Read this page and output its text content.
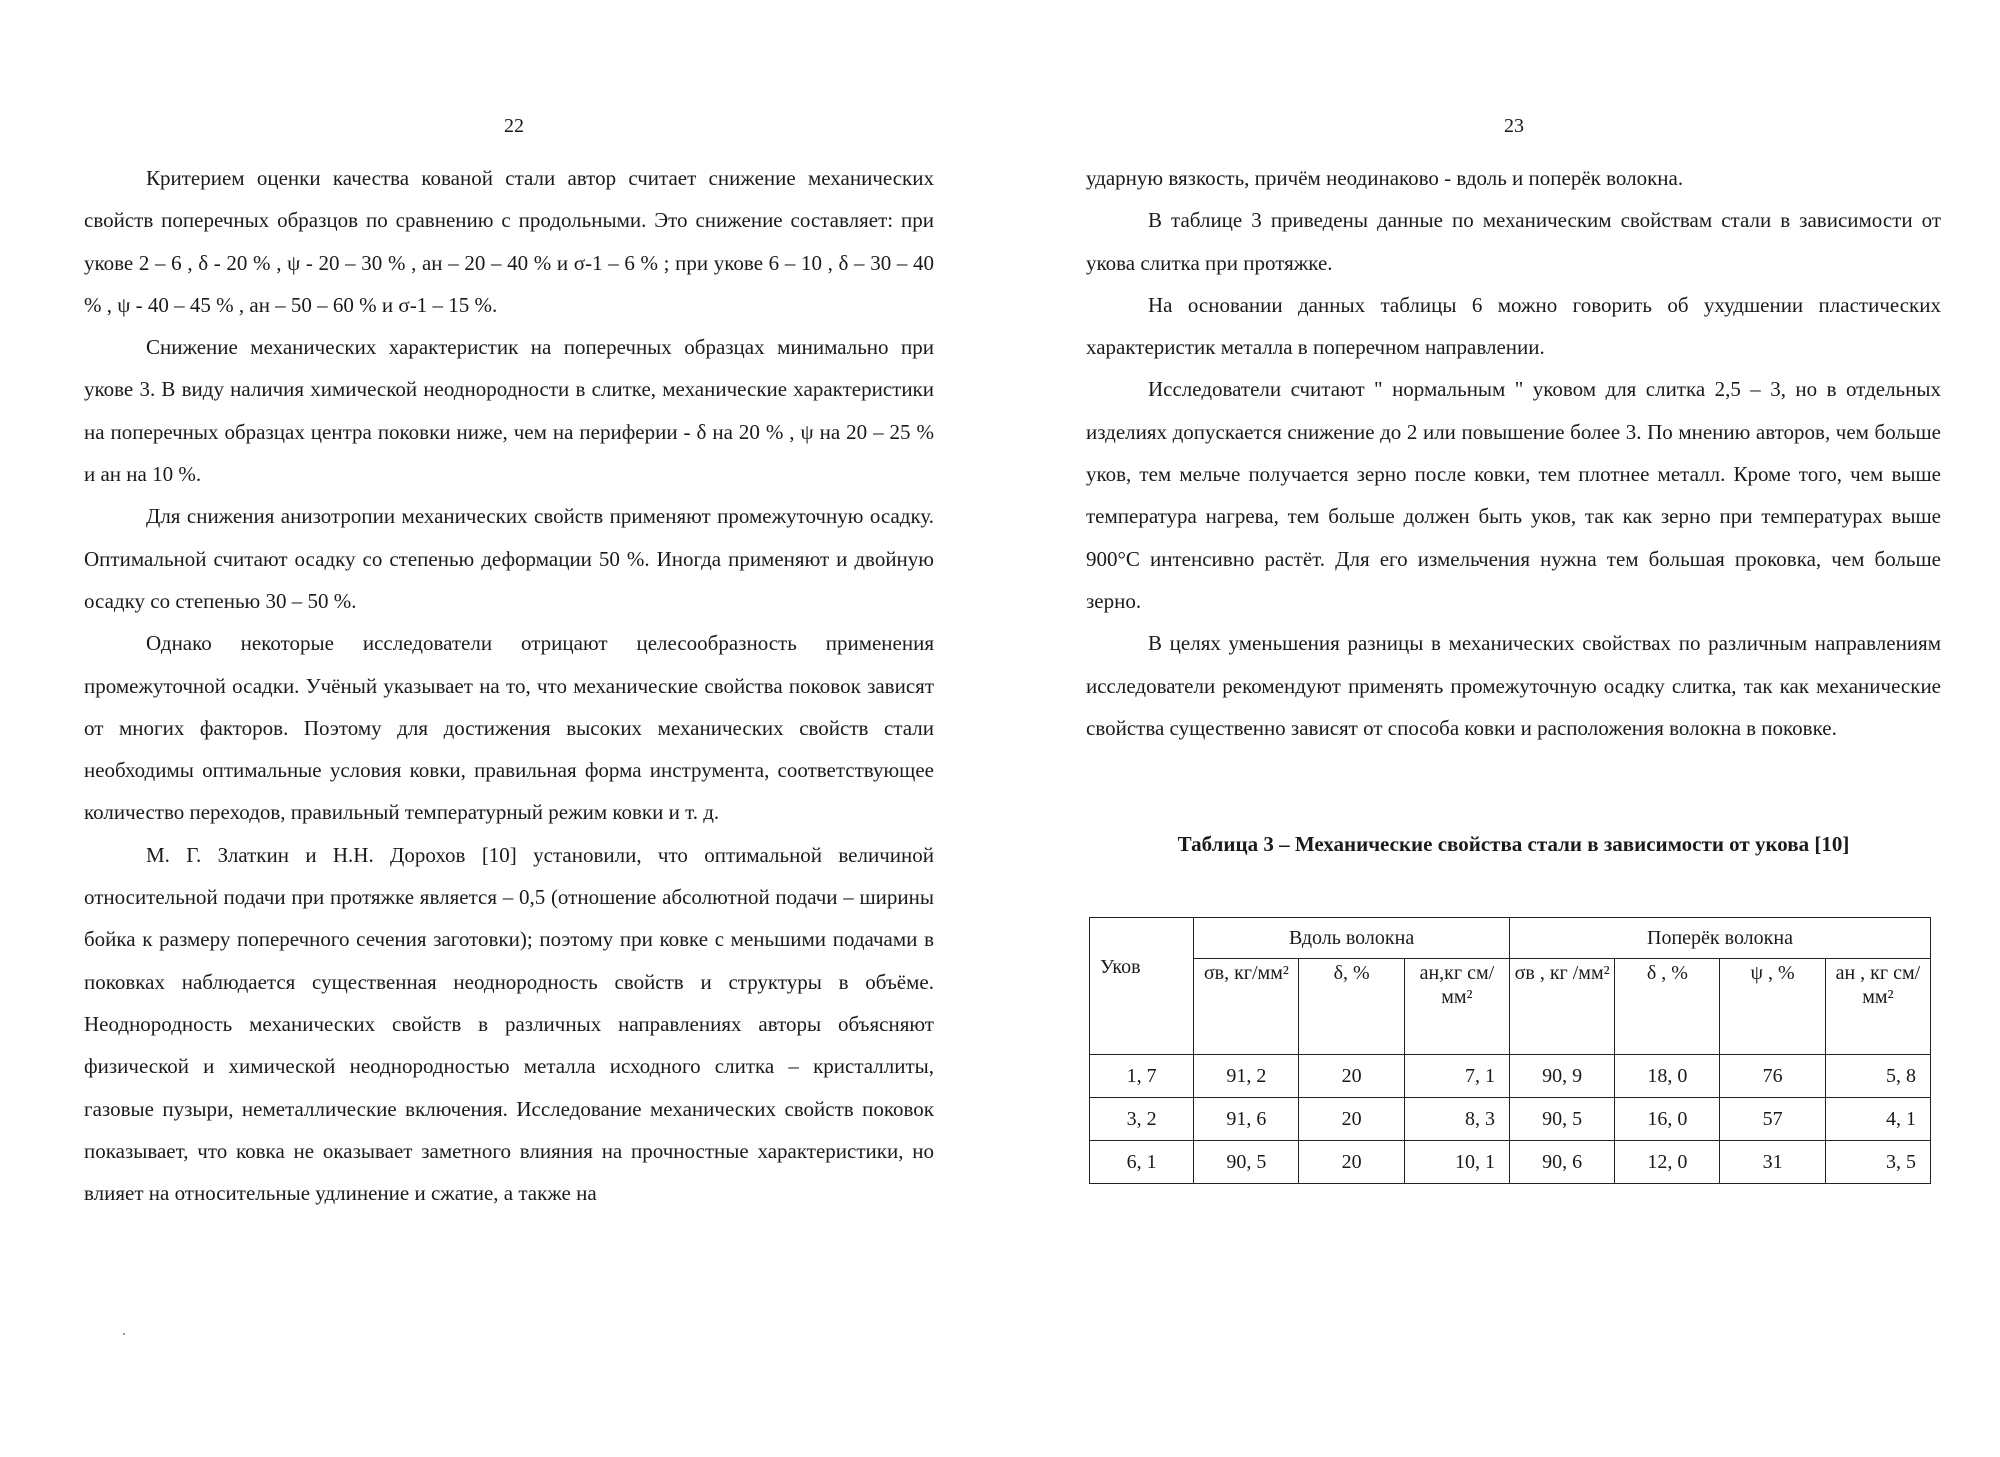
22

Критерием оценки качества кованой стали автор считает снижение механических свойств поперечных образцов по сравнению с продольными. Это снижение составляет: при укове 2 – 6 , δ - 20 % , ψ - 20 – 30 % , aн – 20 – 40 % и σ-1 – 6 % ; при укове 6 – 10 , δ – 30 – 40 % , ψ - 40 – 45 % , aн – 50 – 60 % и σ-1 – 15 %.

Снижение механических характеристик на поперечных образцах минимально при укове 3. В виду наличия химической неоднородности в слитке, механические характеристики на поперечных образцах центра поковки ниже, чем на периферии - δ на 20 % , ψ на 20 – 25 % и aн на 10 %.

Для снижения анизотропии механических свойств применяют промежуточную осадку. Оптимальной считают осадку со степенью деформации 50 %. Иногда применяют и двойную осадку со степенью 30 – 50 %.

Однако некоторые исследователи отрицают целесообразность применения промежуточной осадки. Учёный указывает на то, что механические свойства поковок зависят от многих факторов. Поэтому для достижения высоких механических свойств стали необходимы оптимальные условия ковки, правильная форма инструмента, соответствующее количество переходов, правильный температурный режим ковки и т. д.

М. Г. Златкин и Н.Н. Дорохов [10] установили, что оптимальной величиной относительной подачи при протяжке является – 0,5 (отношение абсолютной подачи – ширины бойка к размеру поперечного сечения заготовки); поэтому при ковке с меньшими подачами в поковках наблюдается существенная неоднородность свойств и структуры в объёме. Неоднородность механических свойств в различных направлениях авторы объясняют физической и химической неоднородностью металла исходного слитка – кристаллиты, газовые пузыри, неметаллические включения. Исследование механических свойств поковок показывает, что ковка не оказывает заметного влияния на прочностные характеристики, но влияет на относительные удлинение и сжатие, а также на

23

ударную вязкость, причём неодинаково - вдоль и поперёк волокна.

В таблице 3 приведены данные по механическим свойствам стали в зависимости от укова слитка при протяжке.

На основании данных таблицы 6 можно говорить об ухудшении пластических характеристик металла в поперечном направлении.

Исследователи считают " нормальным " уковом для слитка 2,5 – 3, но в отдельных изделиях допускается снижение до 2 или повышение более 3. По мнению авторов, чем больше уков, тем мельче получается зерно после ковки, тем плотнее металл. Кроме того, чем выше температура нагрева, тем больше должен быть уков, так как зерно при температурах выше 900°С интенсивно растёт. Для его измельчения нужна тем большая проковка, чем больше зерно.

В целях уменьшения разницы в механических свойствах по различным направлениям исследователи рекомендуют применять промежуточную осадку слитка, так как механические свойства существенно зависят от способа ковки и расположения волокна в поковке.

Таблица 3 – Механические свойства стали в зависимости от укова [10]
Уков	Вдоль волокна			Поперёк волокна			
	σв, кг/мм²	δ, %	aн,кг см/ мм²	σв , кг /мм²	δ , %	ψ , %	aн , кг см/ мм²
1, 7	91, 2	20	7, 1	90, 9	18, 0	76	5, 8
3, 2	91, 6	20	8, 3	90, 5	16, 0	57	4, 1
6, 1	90, 5	20	10, 1	90, 6	12, 0	31	3, 5
